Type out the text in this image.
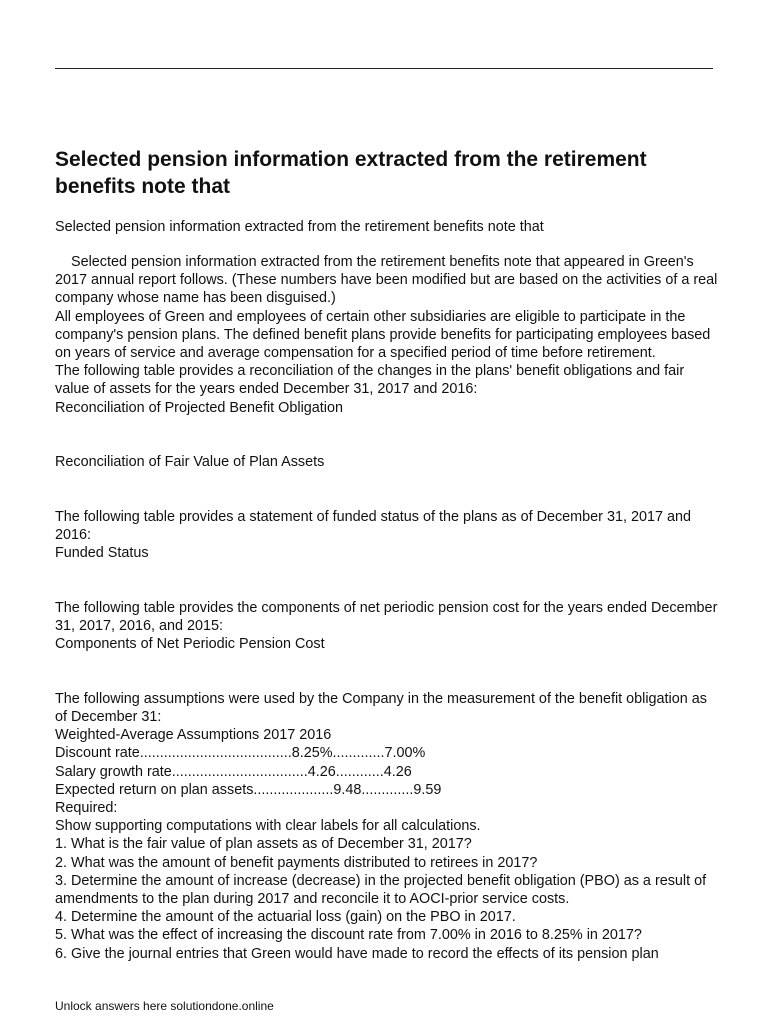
Selected pension information extracted from the retirement benefits note that
Selected pension information extracted from the retirement benefits note that
Selected pension information extracted from the retirement benefits note that appeared in Green's 2017 annual report follows. (These numbers have been modified but are based on the activities of a real company whose name has been disguised.)
All employees of Green and employees of certain other subsidiaries are eligible to participate in the company's pension plans. The defined benefit plans provide benefits for participating employees based on years of service and average compensation for a specified period of time before retirement.
The following table provides a reconciliation of the changes in the plans' benefit obligations and fair value of assets for the years ended December 31, 2017 and 2016:
Reconciliation of Projected Benefit Obligation
Reconciliation of Fair Value of Plan Assets
The following table provides a statement of funded status of the plans as of December 31, 2017 and 2016:
Funded Status
The following table provides the components of net periodic pension cost for the years ended December 31, 2017, 2016, and 2015:
Components of Net Periodic Pension Cost
The following assumptions were used by the Company in the measurement of the benefit obligation as of December 31:
Weighted-Average Assumptions 2017 2016
Discount rate......................................8.25%.............7.00%
Salary growth rate..................................4.26............4.26
Expected return on plan assets....................9.48.............9.59
Required:
Show supporting computations with clear labels for all calculations.
1. What is the fair value of plan assets as of December 31, 2017?
2. What was the amount of benefit payments distributed to retirees in 2017?
3. Determine the amount of increase (decrease) in the projected benefit obligation (PBO) as a result of amendments to the plan during 2017 and reconcile it to AOCI-prior service costs.
4. Determine the amount of the actuarial loss (gain) on the PBO in 2017.
5. What was the effect of increasing the discount rate from 7.00% in 2016 to 8.25% in 2017?
6. Give the journal entries that Green would have made to record the effects of its pension plan
Unlock answers here solutiondone.online
